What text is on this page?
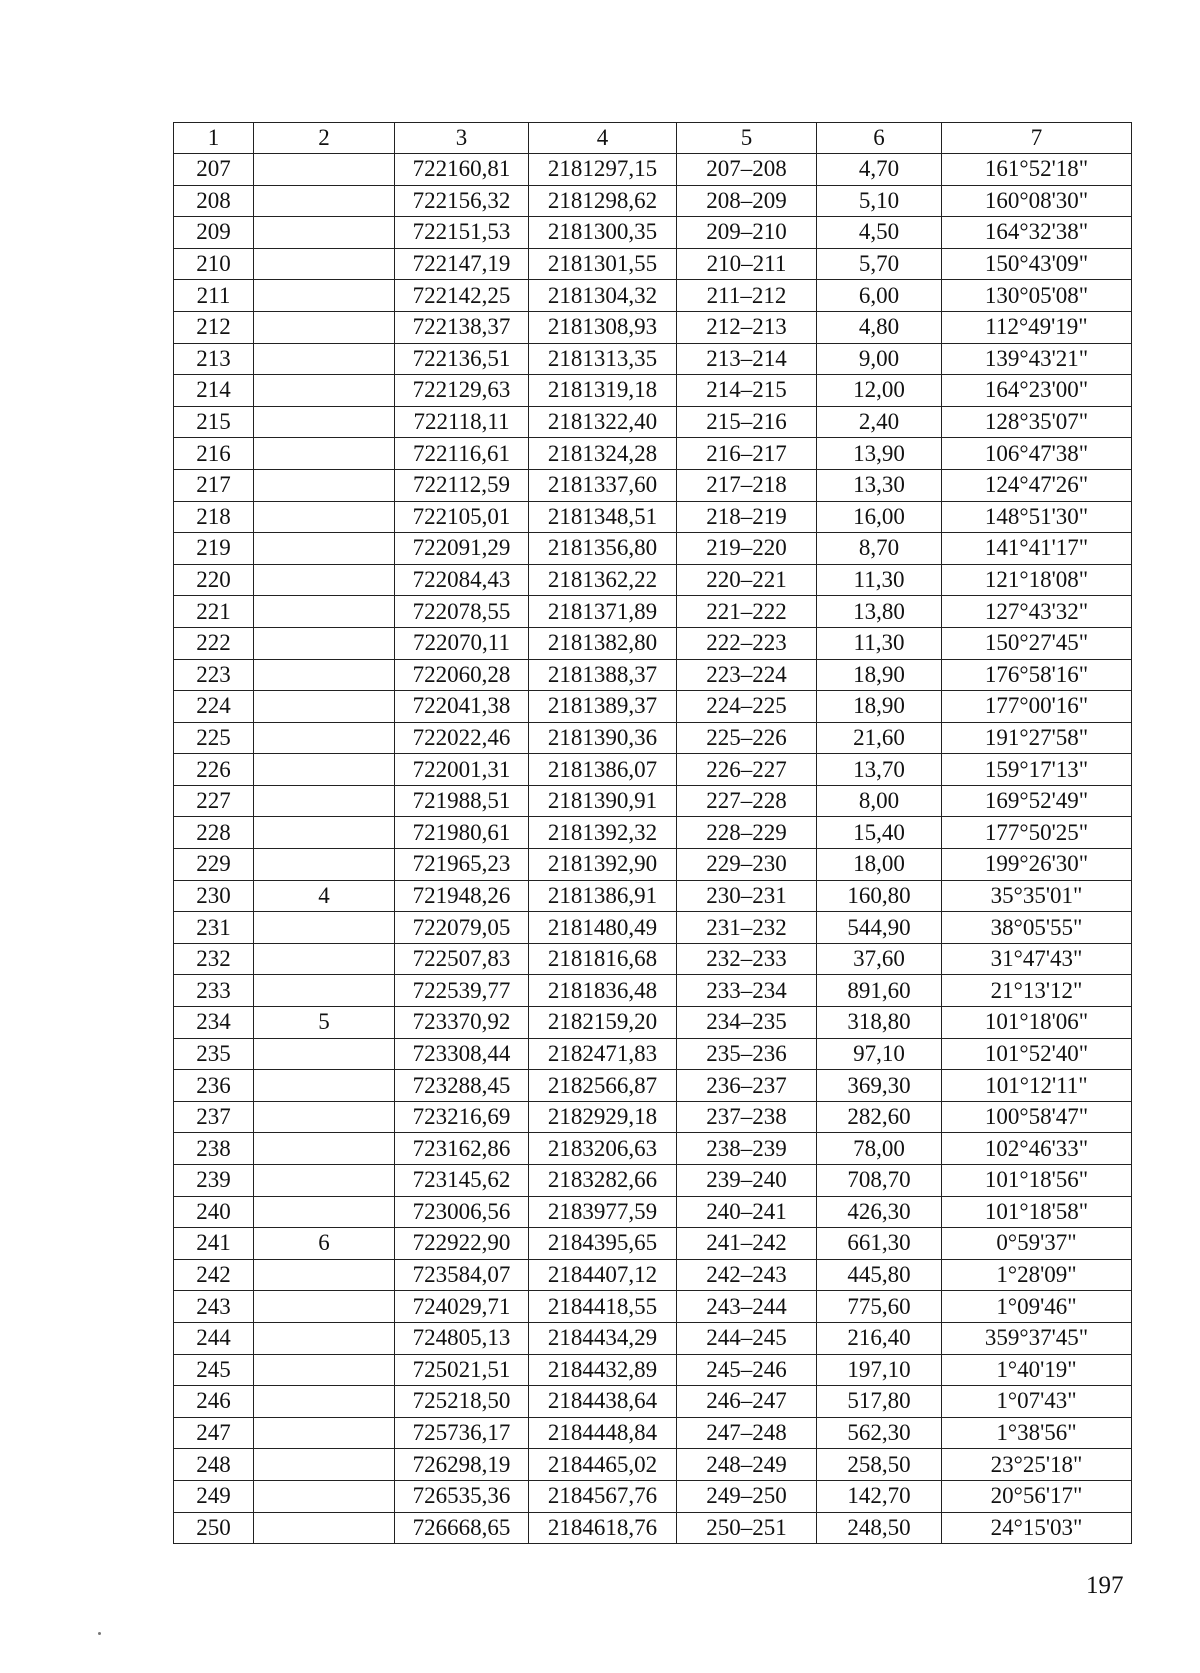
1	2	3	4	5	6	7
207		722160,81	2181297,15	207–208	4,70	161°52'18"
208		722156,32	2181298,62	208–209	5,10	160°08'30"
209		722151,53	2181300,35	209–210	4,50	164°32'38"
210		722147,19	2181301,55	210–211	5,70	150°43'09"
211		722142,25	2181304,32	211–212	6,00	130°05'08"
212		722138,37	2181308,93	212–213	4,80	112°49'19"
213		722136,51	2181313,35	213–214	9,00	139°43'21"
214		722129,63	2181319,18	214–215	12,00	164°23'00"
215		722118,11	2181322,40	215–216	2,40	128°35'07"
216		722116,61	2181324,28	216–217	13,90	106°47'38"
217		722112,59	2181337,60	217–218	13,30	124°47'26"
218		722105,01	2181348,51	218–219	16,00	148°51'30"
219		722091,29	2181356,80	219–220	8,70	141°41'17"
220		722084,43	2181362,22	220–221	11,30	121°18'08"
221		722078,55	2181371,89	221–222	13,80	127°43'32"
222		722070,11	2181382,80	222–223	11,30	150°27'45"
223		722060,28	2181388,37	223–224	18,90	176°58'16"
224		722041,38	2181389,37	224–225	18,90	177°00'16"
225		722022,46	2181390,36	225–226	21,60	191°27'58"
226		722001,31	2181386,07	226–227	13,70	159°17'13"
227		721988,51	2181390,91	227–228	8,00	169°52'49"
228		721980,61	2181392,32	228–229	15,40	177°50'25"
229		721965,23	2181392,90	229–230	18,00	199°26'30"
230	4	721948,26	2181386,91	230–231	160,80	35°35'01"
231		722079,05	2181480,49	231–232	544,90	38°05'55"
232		722507,83	2181816,68	232–233	37,60	31°47'43"
233		722539,77	2181836,48	233–234	891,60	21°13'12"
234	5	723370,92	2182159,20	234–235	318,80	101°18'06"
235		723308,44	2182471,83	235–236	97,10	101°52'40"
236		723288,45	2182566,87	236–237	369,30	101°12'11"
237		723216,69	2182929,18	237–238	282,60	100°58'47"
238		723162,86	2183206,63	238–239	78,00	102°46'33"
239		723145,62	2183282,66	239–240	708,70	101°18'56"
240		723006,56	2183977,59	240–241	426,30	101°18'58"
241	6	722922,90	2184395,65	241–242	661,30	0°59'37"
242		723584,07	2184407,12	242–243	445,80	1°28'09"
243		724029,71	2184418,55	243–244	775,60	1°09'46"
244		724805,13	2184434,29	244–245	216,40	359°37'45"
245		725021,51	2184432,89	245–246	197,10	1°40'19"
246		725218,50	2184438,64	246–247	517,80	1°07'43"
247		725736,17	2184448,84	247–248	562,30	1°38'56"
248		726298,19	2184465,02	248–249	258,50	23°25'18"
249		726535,36	2184567,76	249–250	142,70	20°56'17"
250		726668,65	2184618,76	250–251	248,50	24°15'03"
197
